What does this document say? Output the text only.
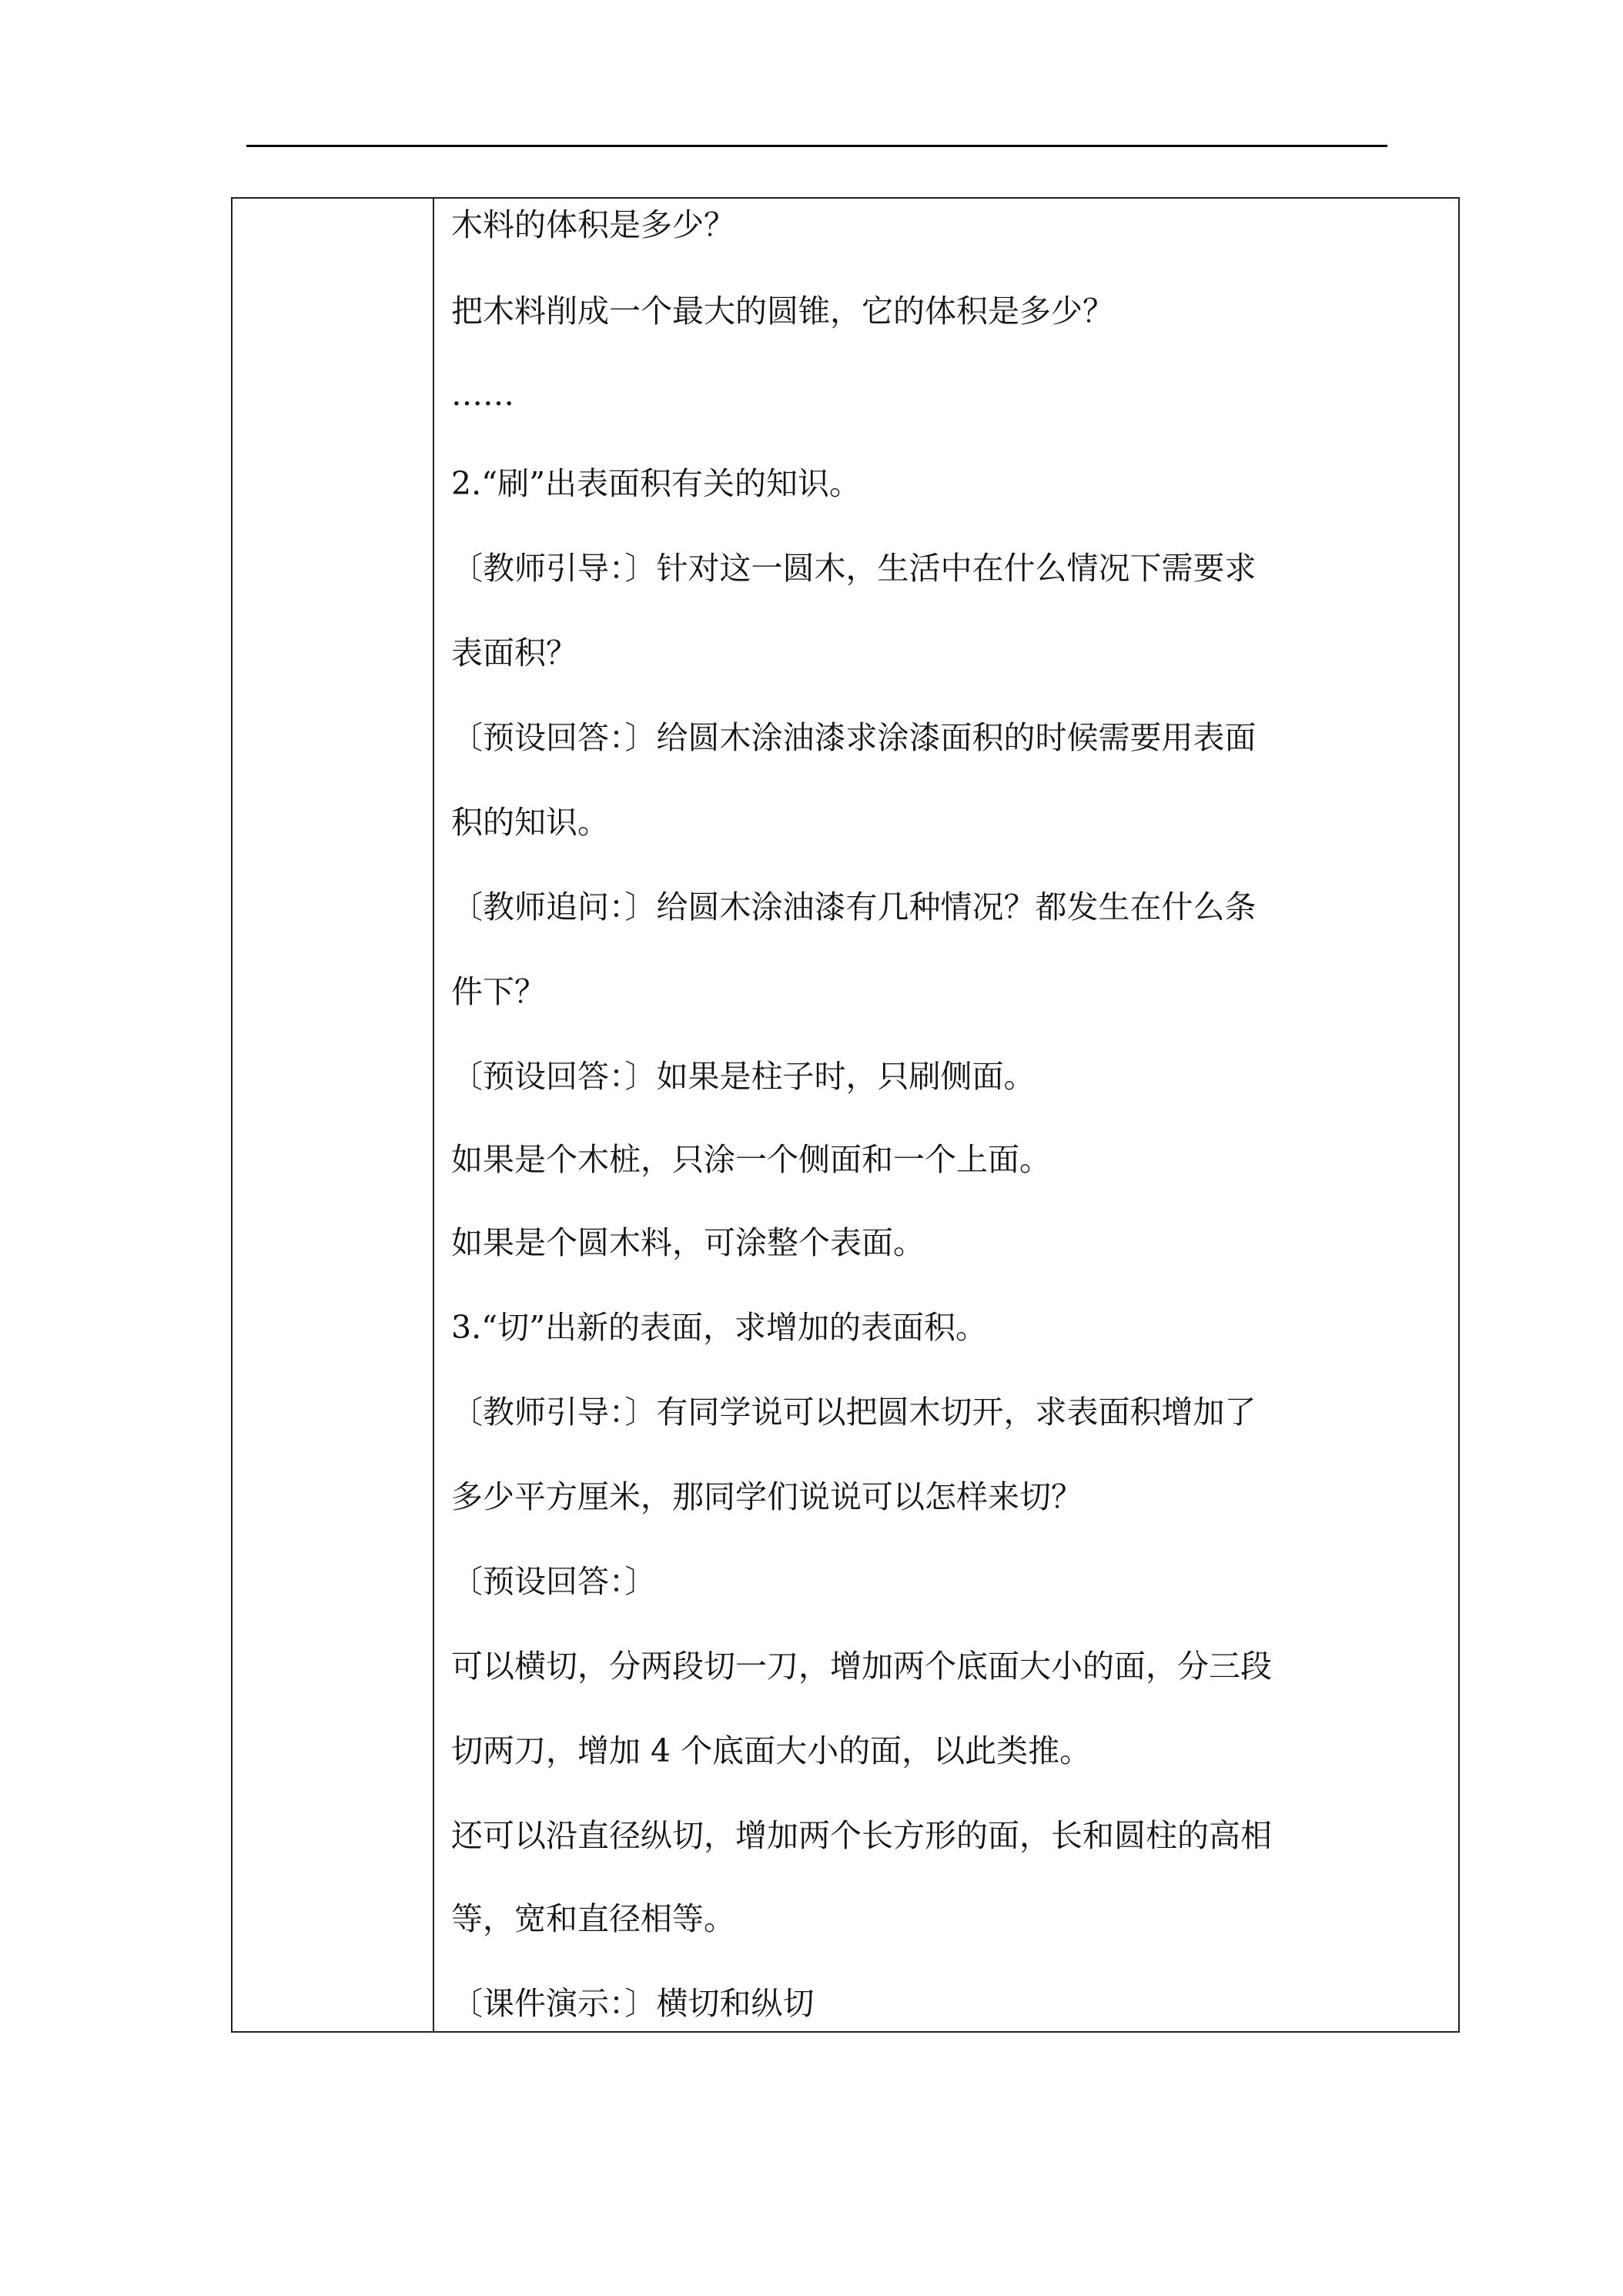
木料的体积是多少？
把木料削成一个最大的圆锥，它的体积是多少？
……
2.“刷”出表面积有关的知识。
〔教师引导：〕针对这一圆木，生活中在什么情况下需要求
表面积？
〔预设回答：〕给圆木涂油漆求涂漆面积的时候需要用表面
积的知识。
〔教师追问：〕给圆木涂油漆有几种情况？都发生在什么条
件下？
〔预设回答：〕如果是柱子时，只刷侧面。
如果是个木桩，只涂一个侧面和一个上面。
如果是个圆木料，可涂整个表面。
3.“切”出新的表面，求增加的表面积。
〔教师引导：〕有同学说可以把圆木切开，求表面积增加了
多少平方厘米，那同学们说说可以怎样来切？
〔预设回答：〕
可以横切，分两段切一刀，增加两个底面大小的面，分三段
切两刀，增加 4 个底面大小的面，以此类推。
还可以沿直径纵切，增加两个长方形的面，长和圆柱的高相
等，宽和直径相等。
〔课件演示：〕横切和纵切
